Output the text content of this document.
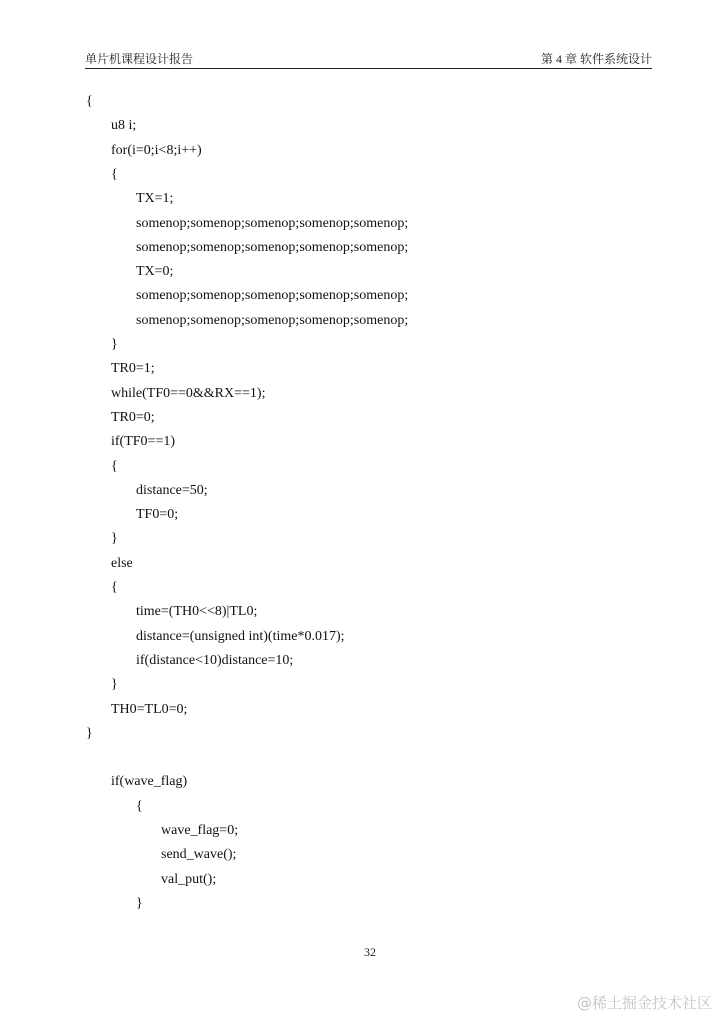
单片机课程设计报告	第 4 章 软件系统设计
{
u8 i;
for(i=0;i<8;i++)
{
TX=1;
somenop;somenop;somenop;somenop;somenop;
somenop;somenop;somenop;somenop;somenop;
TX=0;
somenop;somenop;somenop;somenop;somenop;
somenop;somenop;somenop;somenop;somenop;
}
TR0=1;
while(TF0==0&&RX==1);
TR0=0;
if(TF0==1)
{
distance=50;
TF0=0;
}
else
{
time=(TH0<<8)|TL0;
distance=(unsigned int)(time*0.017);
if(distance<10)distance=10;
}
TH0=TL0=0;
}
if(wave_flag)
{
wave_flag=0;
send_wave();
val_put();
}
32
@稀土掘金技术社区
